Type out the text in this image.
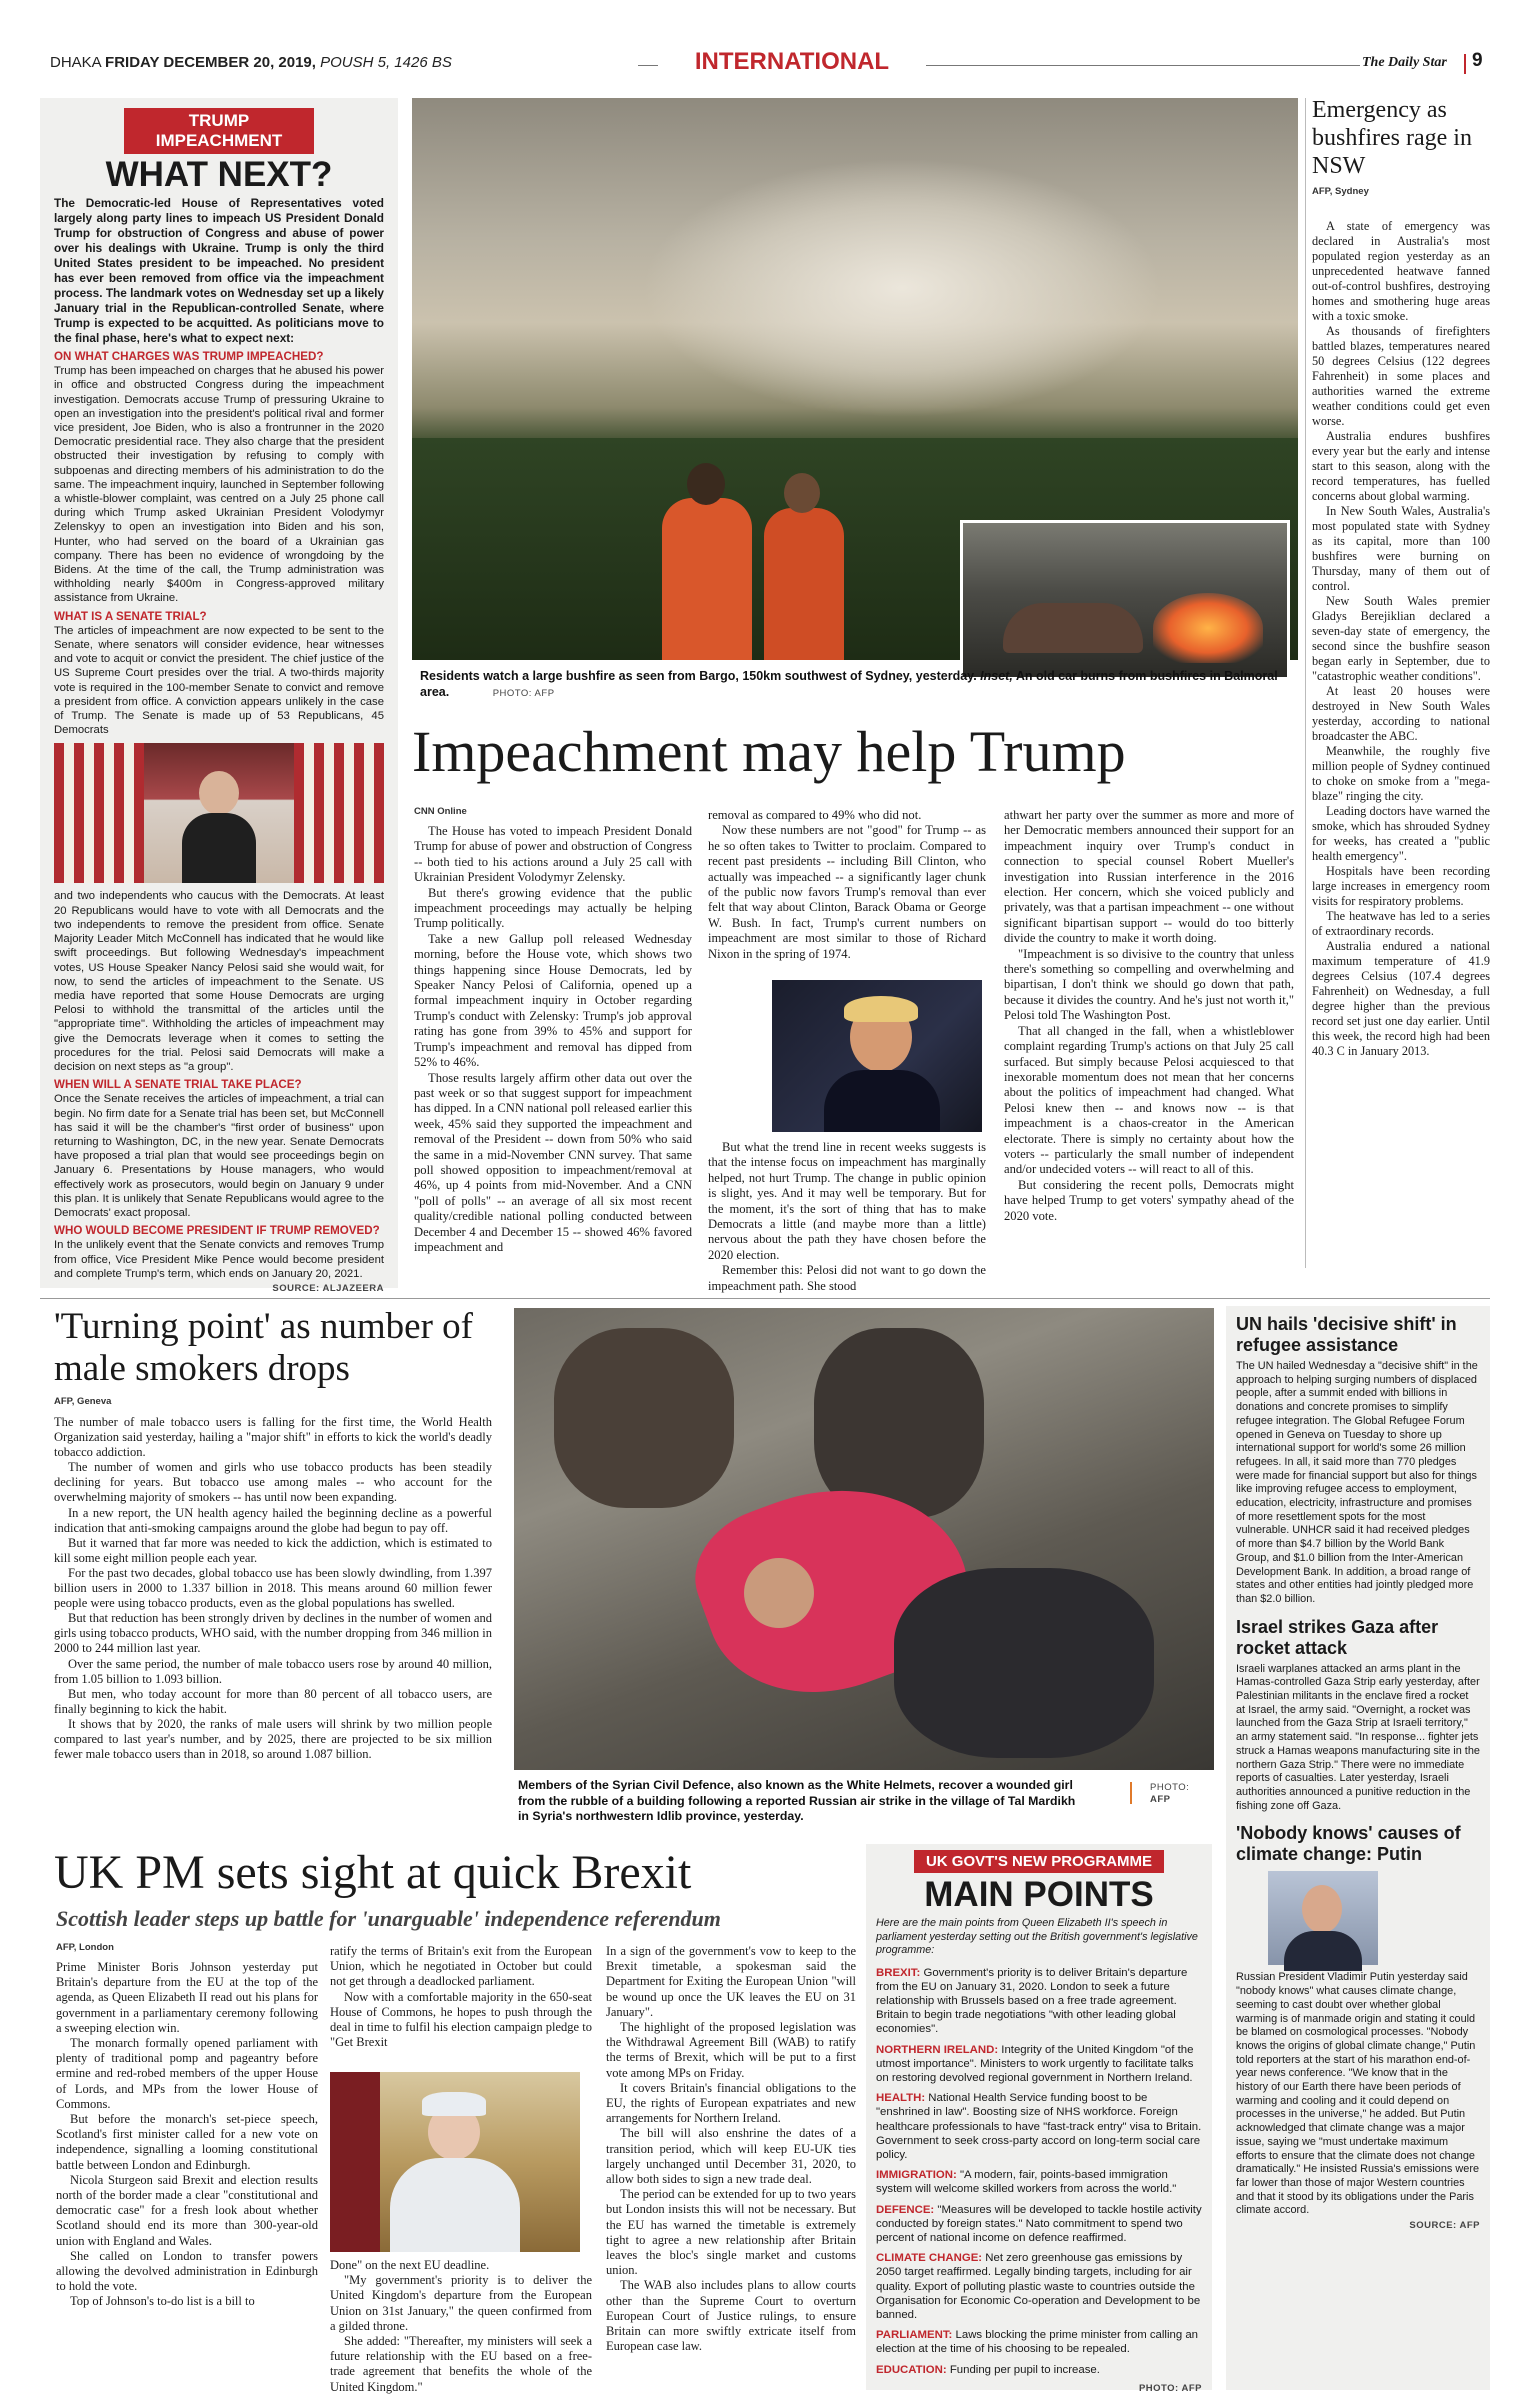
DHAKA FRIDAY DECEMBER 20, 2019, POUSH 5, 1426 BS	INTERNATIONAL	The Daily Star	9
TRUMP IMPEACHMENT
WHAT NEXT?

The Democratic-led House of Representatives voted largely along party lines to impeach US President Donald Trump for obstruction of Congress and abuse of power over his dealings with Ukraine. Trump is only the third United States president to be impeached. No president has ever been removed from office via the impeachment process. The landmark votes on Wednesday set up a likely January trial in the Republican-controlled Senate, where Trump is expected to be acquitted. As politicians move to the final phase, here's what to expect next:

ON WHAT CHARGES WAS TRUMP IMPEACHED?

Trump has been impeached on charges that he abused his power in office and obstructed Congress during the impeachment investigation. Democrats accuse Trump of pressuring Ukraine to open an investigation into the president's political rival and former vice president, Joe Biden, who is also a frontrunner in the 2020 Democratic presidential race. They also charge that the president obstructed their investigation by refusing to comply with subpoenas and directing members of his administration to do the same. The impeachment inquiry, launched in September following a whistle-blower complaint, was centred on a July 25 phone call during which Trump asked Ukrainian President Volodymyr Zelenskyy to open an investigation into Biden and his son, Hunter, who had served on the board of a Ukrainian gas company. There has been no evidence of wrongdoing by the Bidens. At the time of the call, the Trump administration was withholding nearly $400m in Congress-approved military assistance from Ukraine.

WHAT IS A SENATE TRIAL?

The articles of impeachment are now expected to be sent to the Senate, where senators will consider evidence, hear witnesses and vote to acquit or convict the president. The chief justice of the US Supreme Court presides over the trial. A two-thirds majority vote is required in the 100-member Senate to convict and remove a president from office. A conviction appears unlikely in the case of Trump. The Senate is made up of 53 Republicans, 45 Democrats

and two independents who caucus with the Democrats. At least 20 Republicans would have to vote with all Democrats and the two independents to remove the president from office. Senate Majority Leader Mitch McConnell has indicated that he would like swift proceedings. But following Wednesday's impeachment votes, US House Speaker Nancy Pelosi said she would wait, for now, to send the articles of impeachment to the Senate. US media have reported that some House Democrats are urging Pelosi to withhold the transmittal of the articles until the "appropriate time". Withholding the articles of impeachment may give the Democrats leverage when it comes to setting the procedures for the trial. Pelosi said Democrats will make a decision on next steps as "a group".

WHEN WILL A SENATE TRIAL TAKE PLACE?

Once the Senate receives the articles of impeachment, a trial can begin. No firm date for a Senate trial has been set, but McConnell has said it will be the chamber's "first order of business" upon returning to Washington, DC, in the new year. Senate Democrats have proposed a trial plan that would see proceedings begin on January 6. Presentations by House managers, who would effectively work as prosecutors, would begin on January 9 under this plan. It is unlikely that Senate Republicans would agree to the Democrats' exact proposal.

WHO WOULD BECOME PRESIDENT IF TRUMP REMOVED?

In the unlikely event that the Senate convicts and removes Trump from office, Vice President Mike Pence would become president and complete Trump's term, which ends on January 20, 2021.

SOURCE: ALJAZEERA
Residents watch a large bushfire as seen from Bargo, 150km southwest of Sydney, yesterday. Inset, An old car burns from bushfires in Balmoral area.	PHOTO: AFP
Emergency as bushfires rage in NSW
AFP, Sydney

A state of emergency was declared in Australia's most populated region yesterday as an unprecedented heatwave fanned out-of-control bushfires, destroying homes and smothering huge areas with a toxic smoke.

As thousands of firefighters battled blazes, temperatures neared 50 degrees Celsius (122 degrees Fahrenheit) in some places and authorities warned the extreme weather conditions could get even worse.

Australia endures bushfires every year but the early and intense start to this season, along with the record temperatures, has fuelled concerns about global warming.

In New South Wales, Australia's most populated state with Sydney as its capital, more than 100 bushfires were burning on Thursday, many of them out of control.

New South Wales premier Gladys Berejiklian declared a seven-day state of emergency, the second since the bushfire season began early in September, due to "catastrophic weather conditions".

At least 20 houses were destroyed in New South Wales yesterday, according to national broadcaster the ABC.

Meanwhile, the roughly five million people of Sydney continued to choke on smoke from a "mega-blaze" ringing the city.

Leading doctors have warned the smoke, which has shrouded Sydney for weeks, has created a "public health emergency".

Hospitals have been recording large increases in emergency room visits for respiratory problems.

The heatwave has led to a series of extraordinary records.

Australia endured a national maximum temperature of 41.9 degrees Celsius (107.4 degrees Fahrenheit) on Wednesday, a full degree higher than the previous record set just one day earlier. Until this week, the record high had been 40.3 C in January 2013.

Impeachment may help Trump
CNN Online

The House has voted to impeach President Donald Trump for abuse of power and obstruction of Congress -- both tied to his actions around a July 25 call with Ukrainian President Volodymyr Zelensky.

But there's growing evidence that the public impeachment proceedings may actually be helping Trump politically.

Take a new Gallup poll released Wednesday morning, before the House vote, which shows two things happening since House Democrats, led by Speaker Nancy Pelosi of California, opened up a formal impeachment inquiry in October regarding Trump's conduct with Zelensky: Trump's job approval rating has gone from 39% to 45% and support for Trump's impeachment and removal has dipped from 52% to 46%.

Those results largely affirm other data out over the past week or so that suggest support for impeachment has dipped. In a CNN national poll released earlier this week, 45% said they supported the impeachment and removal of the President -- down from 50% who said the same in a mid-November CNN survey. That same poll showed opposition to impeachment/removal at 46%, up 4 points from mid-November. And a CNN "poll of polls" -- an average of all six most recent quality/credible national polling conducted between December 4 and December 15 -- showed 46% favored impeachment and

removal as compared to 49% who did not.

Now these numbers are not "good" for Trump -- as he so often takes to Twitter to proclaim. Compared to recent past presidents -- including Bill Clinton, who actually was impeached -- a significantly lager chunk of the public now favors Trump's removal than ever felt that way about Clinton, Barack Obama or George W. Bush. In fact, Trump's current numbers on impeachment are most similar to those of Richard Nixon in the spring of 1974.

But what the trend line in recent weeks suggests is that the intense focus on impeachment has marginally helped, not hurt Trump. The change in public opinion is slight, yes. And it may well be temporary. But for the moment, it's the sort of thing that has to make Democrats a little (and maybe more than a little) nervous about the path they have chosen before the 2020 election.

Remember this: Pelosi did not want to go down the impeachment path. She stood

athwart her party over the summer as more and more of her Democratic members announced their support for an impeachment inquiry over Trump's conduct in connection to special counsel Robert Mueller's investigation into Russian interference in the 2016 election. Her concern, which she voiced publicly and privately, was that a partisan impeachment -- one without significant bipartisan support -- would do too bitterly divide the country to make it worth doing.

"Impeachment is so divisive to the country that unless there's something so compelling and overwhelming and bipartisan, I don't think we should go down that path, because it divides the country. And he's just not worth it," Pelosi told The Washington Post.

That all changed in the fall, when a whistleblower complaint regarding Trump's actions on that July 25 call surfaced. But simply because Pelosi acquiesced to that inexorable momentum does not mean that her concerns about the politics of impeachment had changed. What Pelosi knew then -- and knows now -- is that impeachment is a chaos-creator in the American electorate. There is simply no certainty about how the voters -- particularly the small number of independent and/or undecided voters -- will react to all of this.

But considering the recent polls, Democrats might have helped Trump to get voters' sympathy ahead of the 2020 vote.

'Turning point' as number of male smokers drops
AFP, Geneva

The number of male tobacco users is falling for the first time, the World Health Organization said yesterday, hailing a "major shift" in efforts to kick the world's deadly tobacco addiction.

The number of women and girls who use tobacco products has been steadily declining for years. But tobacco use among males -- who account for the overwhelming majority of smokers -- has until now been expanding.

In a new report, the UN health agency hailed the beginning decline as a powerful indication that anti-smoking campaigns around the globe had begun to pay off.

But it warned that far more was needed to kick the addiction, which is estimated to kill some eight million people each year.

For the past two decades, global tobacco use has been slowly dwindling, from 1.397 billion users in 2000 to 1.337 billion in 2018. This means around 60 million fewer people were using tobacco products, even as the global populations has swelled.

But that reduction has been strongly driven by declines in the number of women and girls using tobacco products, WHO said, with the number dropping from 346 million in 2000 to 244 million last year.

Over the same period, the number of male tobacco users rose by around 40 million, from 1.05 billion to 1.093 billion.

But men, who today account for more than 80 percent of all tobacco users, are finally beginning to kick the habit.

It shows that by 2020, the ranks of male users will shrink by two million people compared to last year's number, and by 2025, there are projected to be six million fewer male tobacco users than in 2018, so around 1.087 billion.

Members of the Syrian Civil Defence, also known as the White Helmets, recover a wounded girl from the rubble of a building following a reported Russian air strike in the village of Tal Mardikh in Syria's northwestern Idlib province, yesterday.
PHOTO:
AFP
UN hails 'decisive shift' in refugee assistance
The UN hailed Wednesday a "decisive shift" in the approach to helping surging numbers of displaced people, after a summit ended with billions in donations and concrete promises to simplify refugee integration. The Global Refugee Forum opened in Geneva on Tuesday to shore up international support for world's some 26 million refugees. In all, it said more than 770 pledges were made for financial support but also for things like improving refugee access to employment, education, electricity, infrastructure and promises of more resettlement spots for the most vulnerable. UNHCR said it had received pledges of more than $4.7 billion by the World Bank Group, and $1.0 billion from the Inter-American Development Bank. In addition, a broad range of states and other entities had jointly pledged more than $2.0 billion.
Israel strikes Gaza after rocket attack
Israeli warplanes attacked an arms plant in the Hamas-controlled Gaza Strip early yesterday, after Palestinian militants in the enclave fired a rocket at Israel, the army said. "Overnight, a rocket was launched from the Gaza Strip at Israeli territory," an army statement said. "In response... fighter jets struck a Hamas weapons manufacturing site in the northern Gaza Strip." There were no immediate reports of casualties. Later yesterday, Israeli authorities announced a punitive reduction in the fishing zone off Gaza.
'Nobody knows' causes of climate change: Putin
Russian President Vladimir Putin yesterday said "nobody knows" what causes climate change, seeming to cast doubt over whether global warming is of manmade origin and stating it could be blamed on cosmological processes. "Nobody knows the origins of global climate change," Putin told reporters at the start of his marathon end-of-year news conference. "We know that in the history of our Earth there have been periods of warming and cooling and it could depend on processes in the universe," he added. But Putin acknowledged that climate change was a major issue, saying we "must undertake maximum efforts to ensure that the climate does not change dramatically." He insisted Russia's emissions were far lower than those of major Western countries and that it stood by its obligations under the Paris climate accord.
SOURCE: AFP
UK PM sets sight at quick Brexit
Scottish leader steps up battle for 'unarguable' independence referendum
AFP, London

Prime Minister Boris Johnson yesterday put Britain's departure from the EU at the top of the agenda, as Queen Elizabeth II read out his plans for government in a parliamentary ceremony following a sweeping election win.

The monarch formally opened parliament with plenty of traditional pomp and pageantry before ermine and red-robed members of the upper House of Lords, and MPs from the lower House of Commons.

But before the monarch's set-piece speech, Scotland's first minister called for a new vote on independence, signalling a looming constitutional battle between London and Edinburgh.

Nicola Sturgeon said Brexit and election results north of the border made a clear "constitutional and democratic case" for a fresh look about whether Scotland should end its more than 300-year-old union with England and Wales.

She called on London to transfer powers allowing the devolved administration in Edinburgh to hold the vote.

Top of Johnson's to-do list is a bill to

ratify the terms of Britain's exit from the European Union, which he negotiated in October but could not get through a deadlocked parliament.

Now with a comfortable majority in the 650-seat House of Commons, he hopes to push through the deal in time to fulfil his election campaign pledge to "Get Brexit

Done" on the next EU deadline.

"My government's priority is to deliver the United Kingdom's departure from the European Union on 31st January," the queen confirmed from a gilded throne.

She added: "Thereafter, my ministers will seek a future relationship with the EU based on a free-trade agreement that benefits the whole of the United Kingdom."

In a sign of the government's vow to keep to the Brexit timetable, a spokesman said the Department for Exiting the European Union "will be wound up once the UK leaves the EU on 31 January".

The highlight of the proposed legislation was the Withdrawal Agreement Bill (WAB) to ratify the terms of Brexit, which will be put to a first vote among MPs on Friday.

It covers Britain's financial obligations to the EU, the rights of European expatriates and new arrangements for Northern Ireland.

The bill will also enshrine the dates of a transition period, which will keep EU-UK ties largely unchanged until December 31, 2020, to allow both sides to sign a new trade deal.

The period can be extended for up to two years but London insists this will not be necessary. But the EU has warned the timetable is extremely tight to agree a new relationship after Britain leaves the bloc's single market and customs union.

The WAB also includes plans to allow courts other than the Supreme Court to overturn European Court of Justice rulings, to ensure Britain can more swiftly extricate itself from European case law.

UK GOVT'S NEW PROGRAMME
MAIN POINTS
Here are the main points from Queen Elizabeth II's speech in parliament yesterday setting out the British government's legislative programme:

BREXIT: Government's priority is to deliver Britain's departure from the EU on January 31, 2020. London to seek a future relationship with Brussels based on a free trade agreement. Britain to begin trade negotiations "with other leading global economies".

NORTHERN IRELAND: Integrity of the United Kingdom "of the utmost importance". Ministers to work urgently to facilitate talks on restoring devolved regional government in Northern Ireland.

HEALTH: National Health Service funding boost to be "enshrined in law". Boosting size of NHS workforce. Foreign healthcare professionals to have "fast-track entry" visa to Britain. Government to seek cross-party accord on long-term social care policy.

IMMIGRATION: "A modern, fair, points-based immigration system will welcome skilled workers from across the world."

DEFENCE: "Measures will be developed to tackle hostile activity conducted by foreign states." Nato commitment to spend two percent of national income on defence reaffirmed.

CLIMATE CHANGE: Net zero greenhouse gas emissions by 2050 target reaffirmed. Legally binding targets, including for air quality. Export of polluting plastic waste to countries outside the Organisation for Economic Co-operation and Development to be banned.

PARLIAMENT: Laws blocking the prime minister from calling an election at the time of his choosing to be repealed.

EDUCATION: Funding per pupil to increase.

PHOTO: AFP
